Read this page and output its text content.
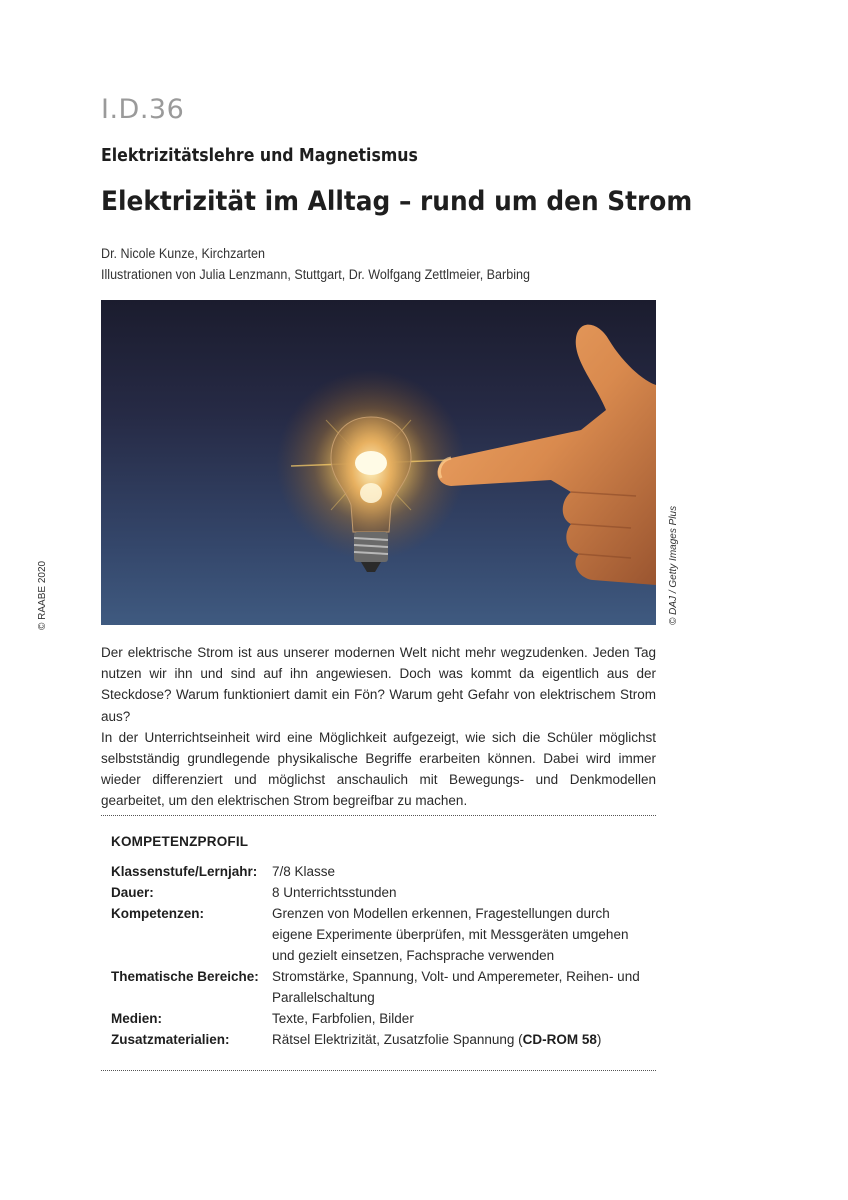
I.D.36
Elektrizitätslehre und Magnetismus
Elektrizität im Alltag – rund um den Strom
Dr. Nicole Kunze, Kirchzarten
Illustrationen von Julia Lenzmann, Stuttgart, Dr. Wolfgang Zettlmeier, Barbing
© DAJ / Getty Images Plus
© RAABE 2020

Der elektrische Strom ist aus unserer modernen Welt nicht mehr wegzudenken. Jeden Tag nutzen wir ihn und sind auf ihn angewiesen. Doch was kommt da eigentlich aus der Steckdose? Warum funktioniert damit ein Fön? Warum geht Gefahr von elektrischem Strom aus?

In der Unterrichtseinheit wird eine Möglichkeit aufgezeigt, wie sich die Schüler möglichst selbstständig grundlegende physikalische Begriffe erarbeiten können. Dabei wird immer wieder differenziert und möglichst anschaulich mit Bewegungs- und Denkmodellen gearbeitet, um den elektrischen Strom begreifbar zu machen.

KOMPETENZPROFIL
Klassenstufe/Lernjahr:	7/8 Klasse
Dauer:	8 Unterrichtsstunden
Kompetenzen:	Grenzen von Modellen erkennen, Fragestellungen durch eigene Experimente überprüfen, mit Messgeräten umgehen und gezielt einsetzen, Fachsprache verwenden
Thematische Bereiche: Stromstärke, Spannung, Volt- und Amperemeter, Reihen- und Parallelschaltung
Medien:	Texte, Farbfolien, Bilder
Zusatzmaterialien:	Rätsel Elektrizität, Zusatzfolie Spannung (CD-ROM 58)
